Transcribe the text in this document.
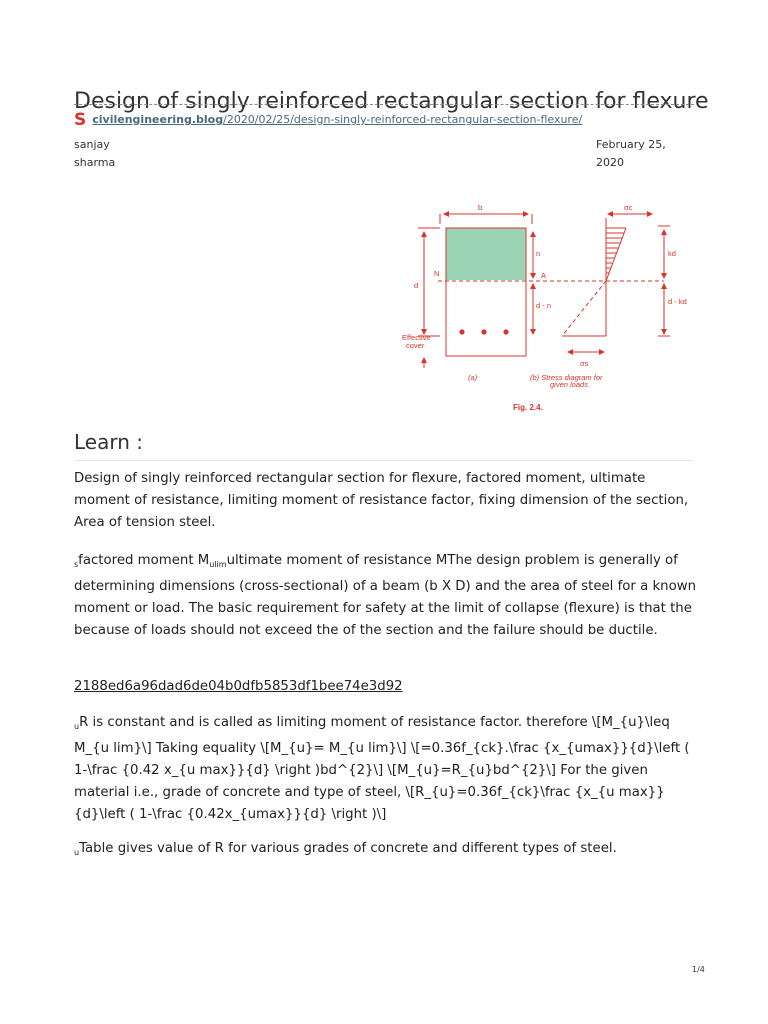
Design of singly reinforced rectangular section for flexure
Scivilengineering.blog/2020/02/25/design-singly-reinforced-rectangular-section-flexure/
sanjay
sharma
February 25,
2020
b	σc
n
N	A
d
kd
d - kd
d - n
Effective
cover
σs
(a)	(b) Stress diagram for
given loads
Fig. 2.4.
Learn :

Design of singly reinforced rectangular section for flexure, factored moment, ultimate moment of resistance, limiting moment of resistance factor, fixing dimension of the section, Area of tension steel.

$_s$factored moment $M_{ulim}ultimate$ moment of resistance MThe design problem is generally of determining dimensions (cross-sectional) of a beam (b X D) and the area of steel for a known moment or load. The basic requirement for safety at the limit of collapse (flexure) is that the because of loads should not exceed the of the section and the failure should be ductile.

2188ed6a96dad6de04b0dfb5853df1bee74e3d92

$_u$R is constant and is called as limiting moment of resistance factor. therefore \[M_{u}\leq M_{u lim}\] Taking equality \[M_{u}= M_{u lim}\] \[=0.36f_{ck}.\frac {x_{umax}}{d}\left ( 1-\frac {0.42 x_{u max}}{d} \right )bd^{2}\] \[M_{u}=R_{u}bd^{2}\] For the given material i.e., grade of concrete and type of steel, \[R_{u}=0.36f_{ck}\frac {x_{u max}}{d}\left ( 1-\frac {0.42x_{umax}}{d} \right )\]

$_u$Table gives value of R for various grades of concrete and different types of steel.

1/4
